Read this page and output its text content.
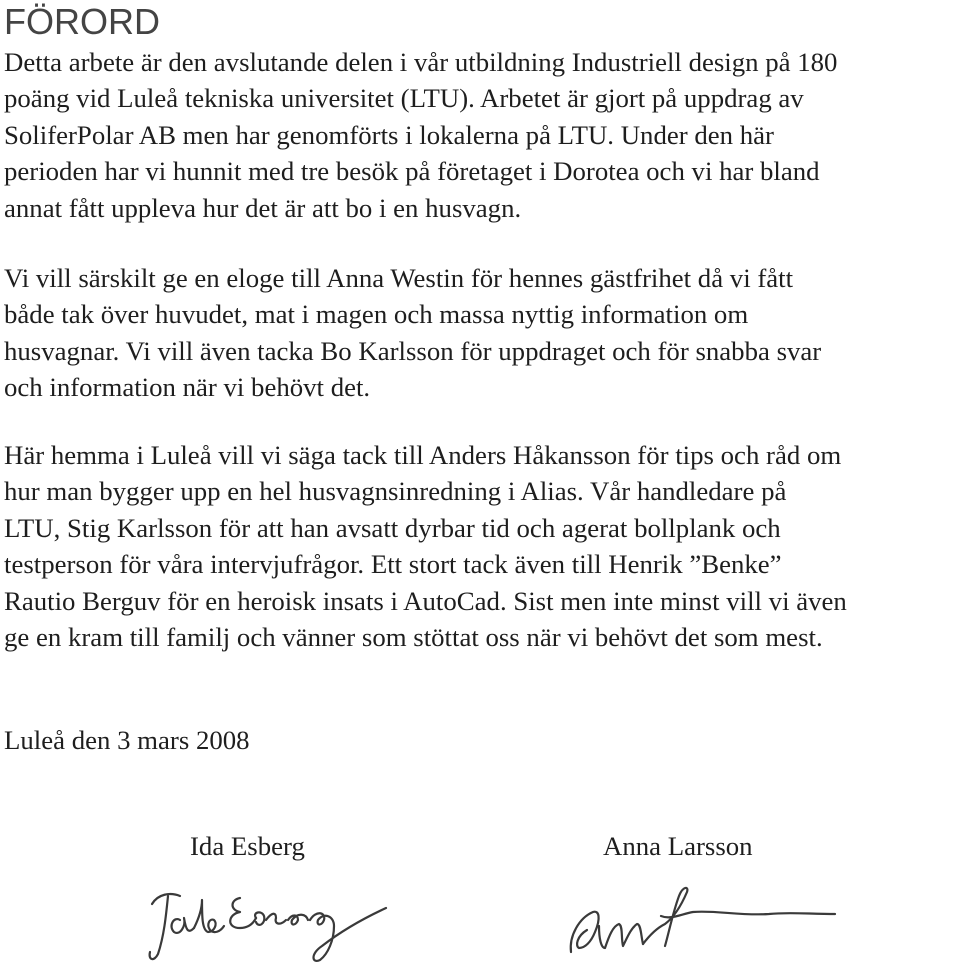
FÖRORD

Detta arbete är den avslutande delen i vår utbildning Industriell design på 180
poäng vid Luleå tekniska universitet (LTU). Arbetet är gjort på uppdrag av
SoliferPolar AB men har genomförts i lokalerna på LTU. Under den här
perioden har vi hunnit med tre besök på företaget i Dorotea och vi har bland
annat fått uppleva hur det är att bo i en husvagn.

Vi vill särskilt ge en eloge till Anna Westin för hennes gästfrihet då vi fått
både tak över huvudet, mat i magen och massa nyttig information om
husvagnar. Vi vill även tacka Bo Karlsson för uppdraget och för snabba svar
och information när vi behövt det.

Här hemma i Luleå vill vi säga tack till Anders Håkansson för tips och råd om
hur man bygger upp en hel husvagnsinredning i Alias. Vår handledare på
LTU, Stig Karlsson för att han avsatt dyrbar tid och agerat bollplank och
testperson för våra intervjufrågor. Ett stort tack även till Henrik ”Benke”
Rautio Berguv för en heroisk insats i AutoCad. Sist men inte minst vill vi även
ge en kram till familj och vänner som stöttat oss när vi behövt det som mest.

Luleå den 3 mars 2008

Ida Esberg	Anna Larsson
